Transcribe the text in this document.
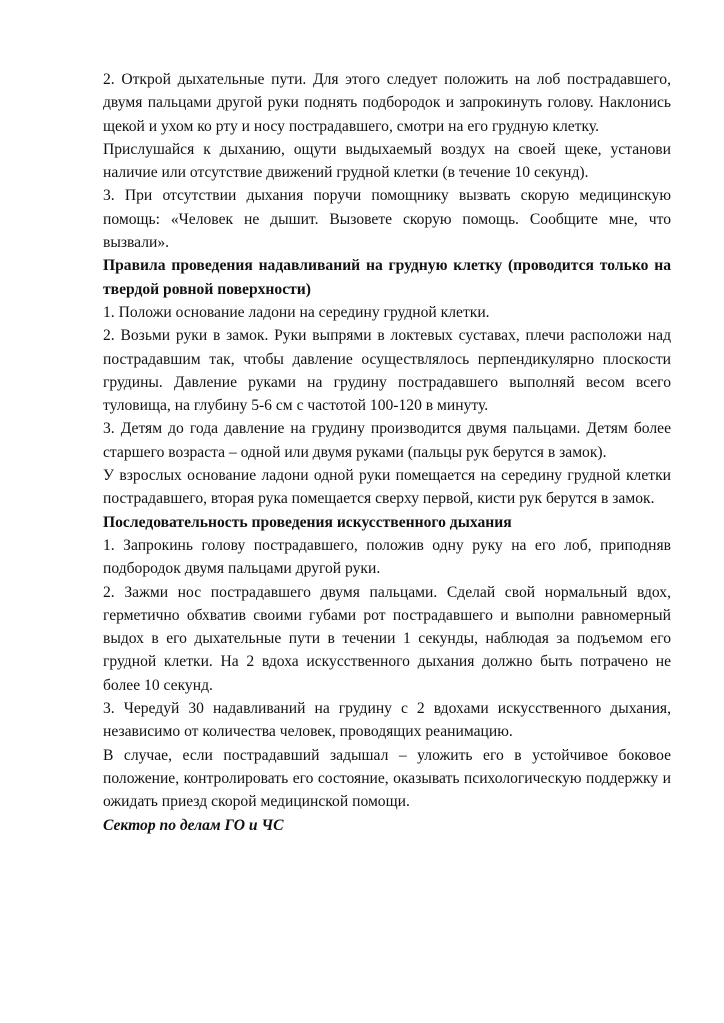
2. Открой дыхательные пути. Для этого следует положить на лоб пострадавшего, двумя пальцами другой руки поднять подбородок и запрокинуть голову. Наклонись щекой и ухом ко рту и носу пострадавшего, смотри на его грудную клетку.

Прислушайся к дыханию, ощути выдыхаемый воздух на своей щеке, установи наличие или отсутствие движений грудной клетки (в течение 10 секунд).

3. При отсутствии дыхания поручи помощнику вызвать скорую медицинскую помощь: «Человек не дышит. Вызовете скорую помощь. Сообщите мне, что вызвали».

Правила проведения надавливаний на грудную клетку (проводится только на твердой ровной поверхности)

1. Положи основание ладони на середину грудной клетки.

2. Возьми руки в замок. Руки выпрями в локтевых суставах, плечи расположи над пострадавшим так, чтобы давление осуществлялось перпендикулярно плоскости грудины. Давление руками на грудину пострадавшего выполняй весом всего туловища, на глубину 5-6 см с частотой 100-120 в минуту.

3. Детям до года давление на грудину производится двумя пальцами. Детям более старшего возраста – одной или двумя руками (пальцы рук берутся в замок).

У взрослых основание ладони одной руки помещается на середину грудной клетки пострадавшего, вторая рука помещается сверху первой, кисти рук берутся в замок.

Последовательность проведения искусственного дыхания

1. Запрокинь голову пострадавшего, положив одну руку на его лоб, приподняв подбородок двумя пальцами другой руки.

2. Зажми нос пострадавшего двумя пальцами. Сделай свой нормальный вдох, герметично обхватив своими губами рот пострадавшего и выполни равномерный выдох в его дыхательные пути в течении 1 секунды, наблюдая за подъемом его грудной клетки. На 2 вдоха искусственного дыхания должно быть потрачено не более 10 секунд.

3. Чередуй 30 надавливаний на грудину с 2 вдохами искусственного дыхания, независимо от количества человек, проводящих реанимацию.

В случае, если пострадавший задышал – уложить его в устойчивое боковое положение, контролировать его состояние, оказывать психологическую поддержку и ожидать приезд скорой медицинской помощи.

Сектор по делам ГО и ЧС
